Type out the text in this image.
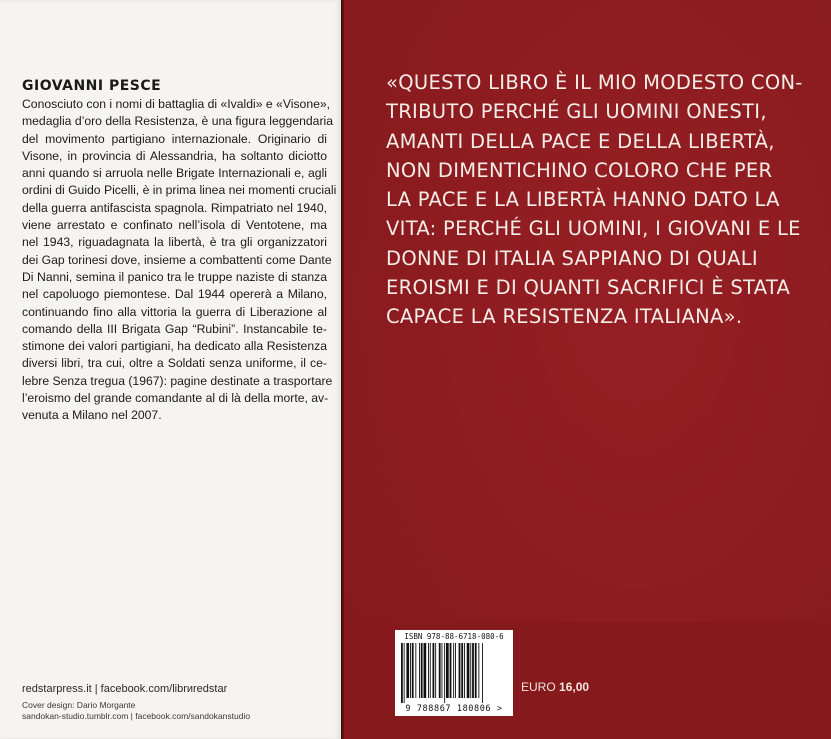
GIOVANNI PESCE
Conosciuto con i nomi di battaglia di «Ivaldi» e «Visone»,
medaglia d’oro della Resistenza, è una figura leggendaria
del movimento partigiano internazionale. Originario di
Visone, in provincia di Alessandria, ha soltanto diciotto
anni quando si arruola nelle Brigate Internazionali e, agli
ordini di Guido Picelli, è in prima linea nei momenti cruciali
della guerra antifascista spagnola. Rimpatriato nel 1940,
viene arrestato e confinato nell’isola di Ventotene, ma
nel 1943, riguadagnata la libertà, è tra gli organizzatori
dei Gap torinesi dove, insieme a combattenti come Dante
Di Nanni, semina il panico tra le truppe naziste di stanza
nel capoluogo piemontese. Dal 1944 opererà a Milano,
continuando fino alla vittoria la guerra di Liberazione al
comando della III Brigata Gap “Rubini”. Instancabile te-
stimone dei valori partigiani, ha dedicato alla Resistenza
diversi libri, tra cui, oltre a Soldati senza uniforme, il ce-
lebre Senza tregua (1967): pagine destinate a trasportare
l’eroismo del grande comandante al di là della morte, av-
venuta a Milano nel 2007.
redstarpress.it | facebook.com/librиredstar
Cover design: Dario Morgante
sandokan-studio.tumblr.com | facebook.com/sandokanstudio
«QUESTO LIBRO È IL MIO MODESTO CON-
TRIBUTO PERCHÉ GLI UOMINI ONESTI,
AMANTI DELLA PACE E DELLA LIBERTÀ,
NON DIMENTICHINO COLORO CHE PER
LA PACE E LA LIBERTÀ HANNO DATO LA
VITA: PERCHÉ GLI UOMINI, I GIOVANI E LE
DONNE DI ITALIA SAPPIANO DI QUALI
EROISMI E DI QUANTI SACRIFICI È STATA
CAPACE LA RESISTENZA ITALIANA».
ISBN 978-88-6718-080-6
9 788867 180806 >
EURO 16,00
